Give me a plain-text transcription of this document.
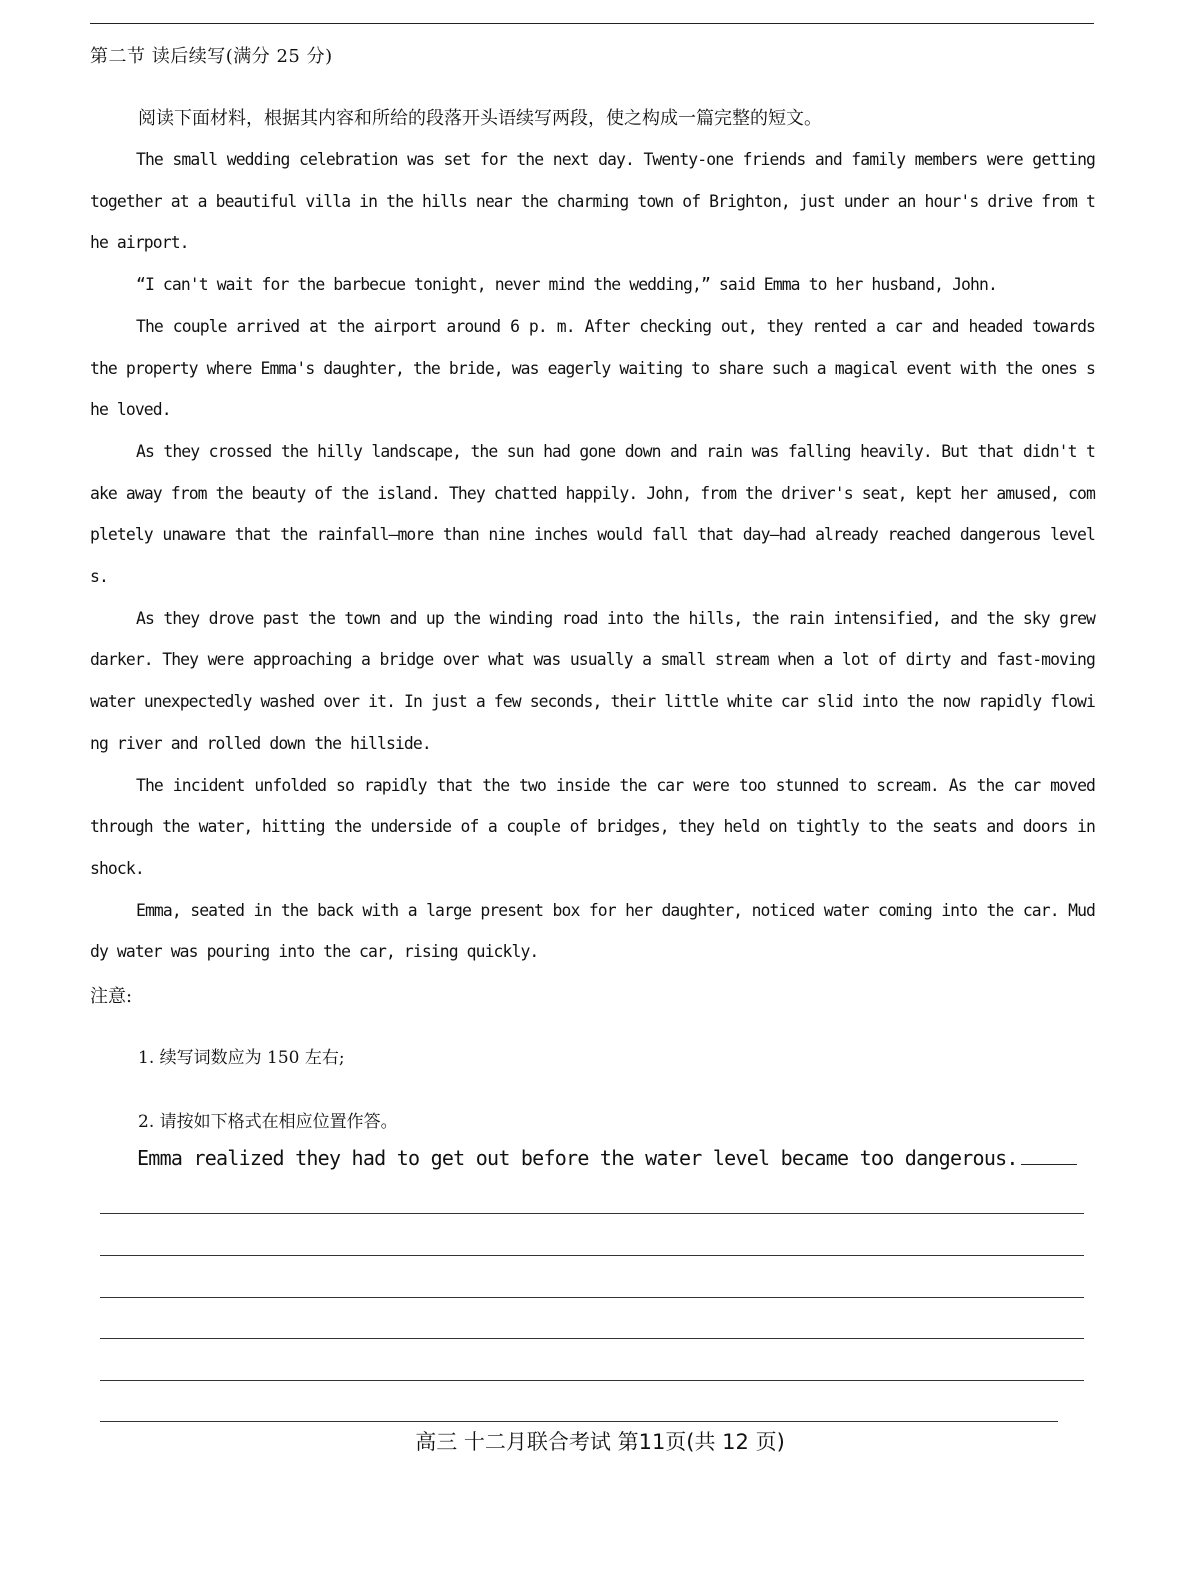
第二节 读后续写(满分 25 分)
阅读下面材料，根据其内容和所给的段落开头语续写两段，使之构成一篇完整的短文。

The small wedding celebration was set for the next day. Twenty-one friends and family members were getting together at a beautiful villa in the hills near the charming town of Brighton, just under an hour's drive from the airport.

“I can't wait for the barbecue tonight, never mind the wedding,” said Emma to her husband, John.

The couple arrived at the airport around 6 p. m. After checking out, they rented a car and headed towards the property where Emma's daughter, the bride, was eagerly waiting to share such a magical event with the ones she loved.

As they crossed the hilly landscape, the sun had gone down and rain was falling heavily. But that didn't take away from the beauty of the island. They chatted happily. John, from the driver's seat, kept her amused, completely unaware that the rainfall—more than nine inches would fall that day—had already reached dangerous levels.

As they drove past the town and up the winding road into the hills, the rain intensified, and the sky grew darker. They were approaching a bridge over what was usually a small stream when a lot of dirty and fast-moving water unexpectedly washed over it. In just a few seconds, their little white car slid into the now rapidly flowing river and rolled down the hillside.

The incident unfolded so rapidly that the two inside the car were too stunned to scream. As the car moved through the water, hitting the underside of a couple of bridges, they held on tightly to the seats and doors in shock.

Emma, seated in the back with a large present box for her daughter, noticed water coming into the car. Muddy water was pouring into the car, rising quickly.

注意:
1. 续写词数应为 150 左右;
2. 请按如下格式在相应位置作答。
Emma realized they had to get out before the water level became too dangerous.
高三 十二月联合考试 第11页(共 12 页)
